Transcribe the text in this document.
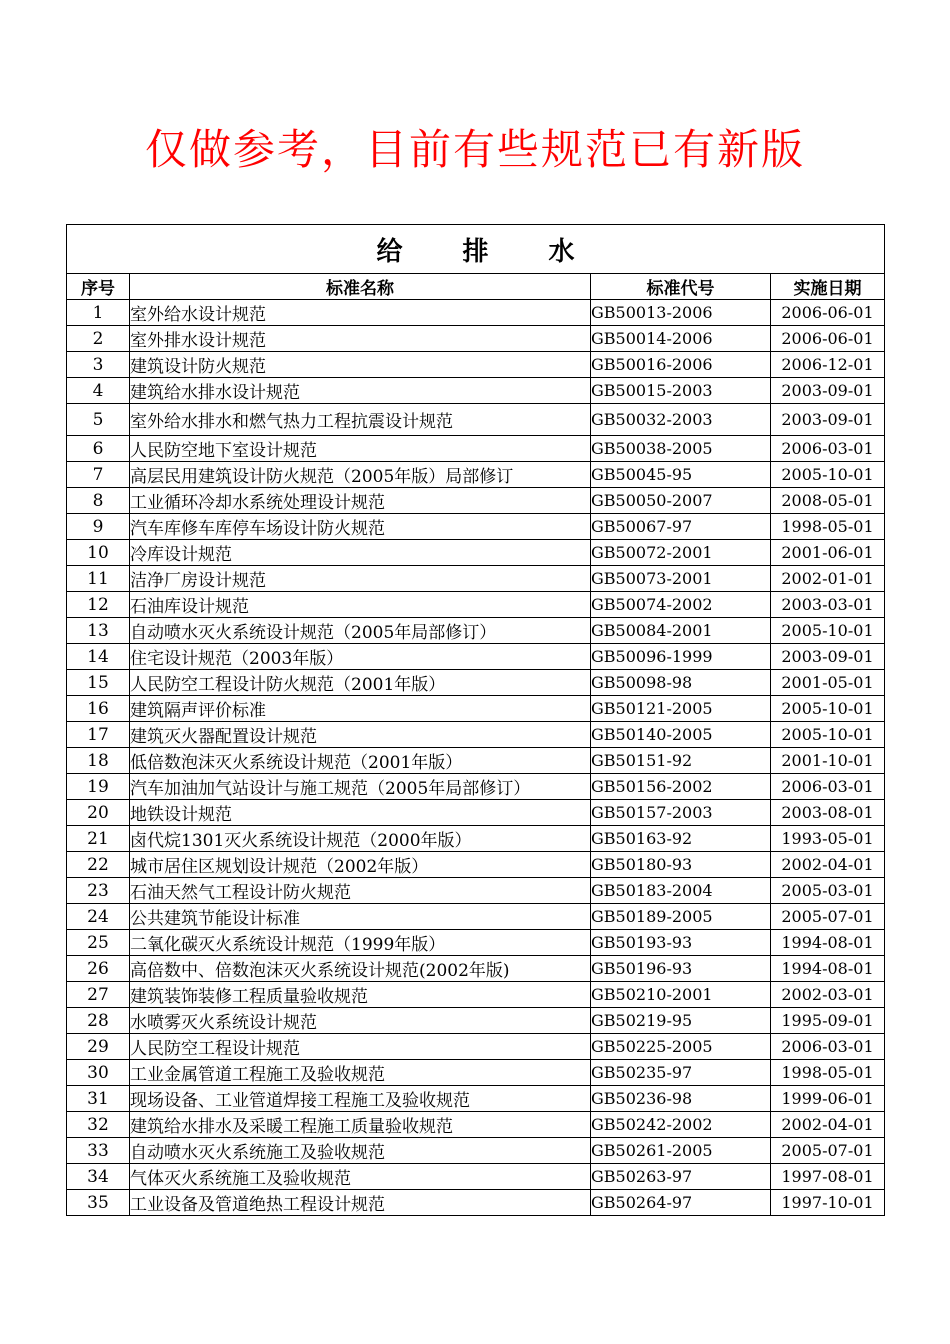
仅做参考，目前有些规范已有新版
给排水			
序号	标准名称	标准代号	实施日期
1	室外给水设计规范	GB50013-2006	2006-06-01
2	室外排水设计规范	GB50014-2006	2006-06-01
3	建筑设计防火规范	GB50016-2006	2006-12-01
4	建筑给水排水设计规范	GB50015-2003	2003-09-01
5	室外给水排水和燃气热力工程抗震设计规范	GB50032-2003	2003-09-01
6	人民防空地下室设计规范	GB50038-2005	2006-03-01
7	高层民用建筑设计防火规范（2005年版）局部修订	GB50045-95	2005-10-01
8	工业循环冷却水系统处理设计规范	GB50050-2007	2008-05-01
9	汽车库修车库停车场设计防火规范	GB50067-97	1998-05-01
10	冷库设计规范	GB50072-2001	2001-06-01
11	洁净厂房设计规范	GB50073-2001	2002-01-01
12	石油库设计规范	GB50074-2002	2003-03-01
13	自动喷水灭火系统设计规范（2005年局部修订）	GB50084-2001	2005-10-01
14	住宅设计规范（2003年版）	GB50096-1999	2003-09-01
15	人民防空工程设计防火规范（2001年版）	GB50098-98	2001-05-01
16	建筑隔声评价标准	GB50121-2005	2005-10-01
17	建筑灭火器配置设计规范	GB50140-2005	2005-10-01
18	低倍数泡沫灭火系统设计规范（2001年版）	GB50151-92	2001-10-01
19	汽车加油加气站设计与施工规范（2005年局部修订）	GB50156-2002	2006-03-01
20	地铁设计规范	GB50157-2003	2003-08-01
21	卤代烷1301灭火系统设计规范（2000年版）	GB50163-92	1993-05-01
22	城市居住区规划设计规范（2002年版）	GB50180-93	2002-04-01
23	石油天然气工程设计防火规范	GB50183-2004	2005-03-01
24	公共建筑节能设计标准	GB50189-2005	2005-07-01
25	二氧化碳灭火系统设计规范（1999年版）	GB50193-93	1994-08-01
26	高倍数中、倍数泡沫灭火系统设计规范(2002年版)	GB50196-93	1994-08-01
27	建筑装饰装修工程质量验收规范	GB50210-2001	2002-03-01
28	水喷雾灭火系统设计规范	GB50219-95	1995-09-01
29	人民防空工程设计规范	GB50225-2005	2006-03-01
30	工业金属管道工程施工及验收规范	GB50235-97	1998-05-01
31	现场设备、工业管道焊接工程施工及验收规范	GB50236-98	1999-06-01
32	建筑给水排水及采暖工程施工质量验收规范	GB50242-2002	2002-04-01
33	自动喷水灭火系统施工及验收规范	GB50261-2005	2005-07-01
34	气体灭火系统施工及验收规范	GB50263-97	1997-08-01
35	工业设备及管道绝热工程设计规范	GB50264-97	1997-10-01
